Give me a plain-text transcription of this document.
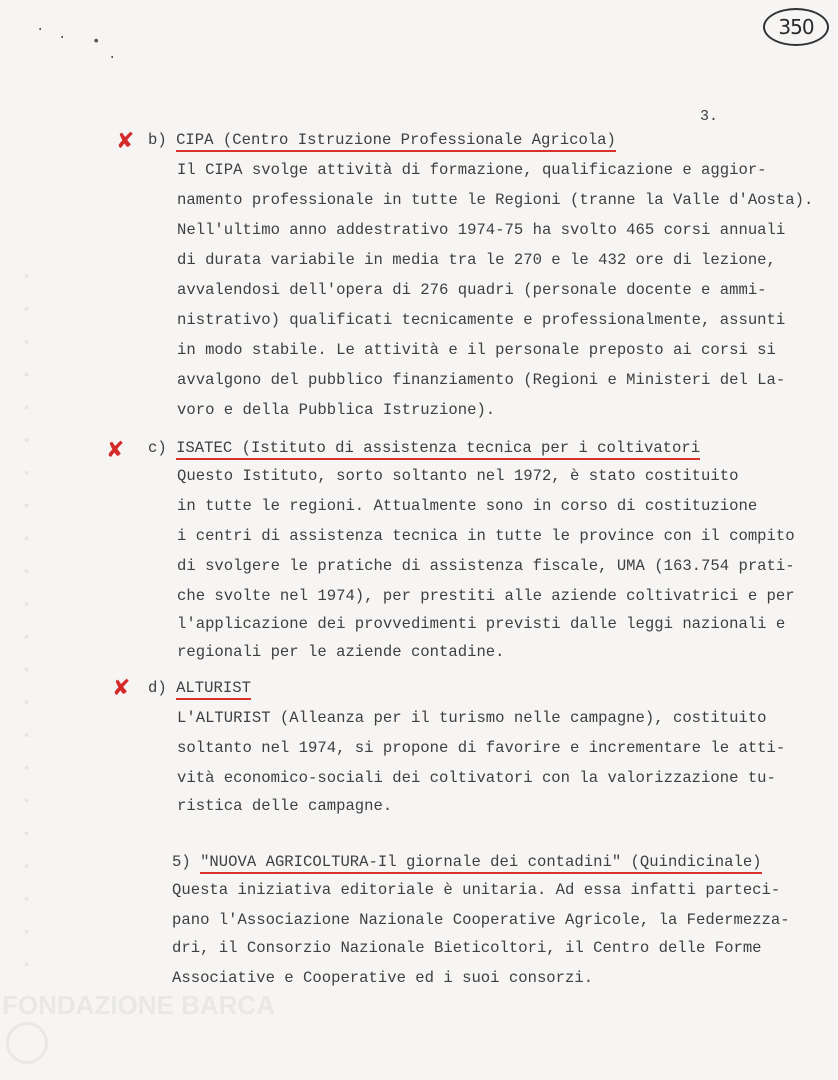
· · · · · · · · · · · · · · · · · · · · · ·
FONDAZIONE BARCA
· · •
·
350
3.
✘ b) CIPA (Centro Istruzione Professionale Agricola)
Il CIPA svolge attività di formazione, qualificazione e aggior-
namento professionale in tutte le Regioni (tranne la Valle d'Aosta).
Nell'ultimo anno addestrativo 1974-75 ha svolto 465 corsi annuali
di durata variabile in media tra le 270 e le 432 ore di lezione,
avvalendosi dell'opera di 276 quadri (personale docente e ammi-
nistrativo) qualificati tecnicamente e professionalmente, assunti
in modo stabile. Le attività e il personale preposto ai corsi si
avvalgono del pubblico finanziamento (Regioni e Ministeri del La-
voro e della Pubblica Istruzione).
✘ c) ISATEC (Istituto di assistenza tecnica per i coltivatori
Questo Istituto, sorto soltanto nel 1972, è stato costituito
in tutte le regioni. Attualmente sono in corso di costituzione
i centri di assistenza tecnica in tutte le province con il compito
di svolgere le pratiche di assistenza fiscale, UMA (163.754 prati-
che svolte nel 1974), per prestiti alle aziende coltivatrici e per
l'applicazione dei provvedimenti previsti dalle leggi nazionali e
regionali per le aziende contadine.
✘ d) ALTURIST
L'ALTURIST (Alleanza per il turismo nelle campagne), costituito
soltanto nel 1974, si propone di favorire e incrementare le atti-
vità economico-sociali dei coltivatori con la valorizzazione tu-
ristica delle campagne.
5) "NUOVA AGRICOLTURA-Il giornale dei contadini" (Quindicinale)
Questa iniziativa editoriale è unitaria. Ad essa infatti parteci-
pano l'Associazione Nazionale Cooperative Agricole, la Federmezza-
dri, il Consorzio Nazionale Bieticoltori, il Centro delle Forme
Associative e Cooperative ed i suoi consorzi.
